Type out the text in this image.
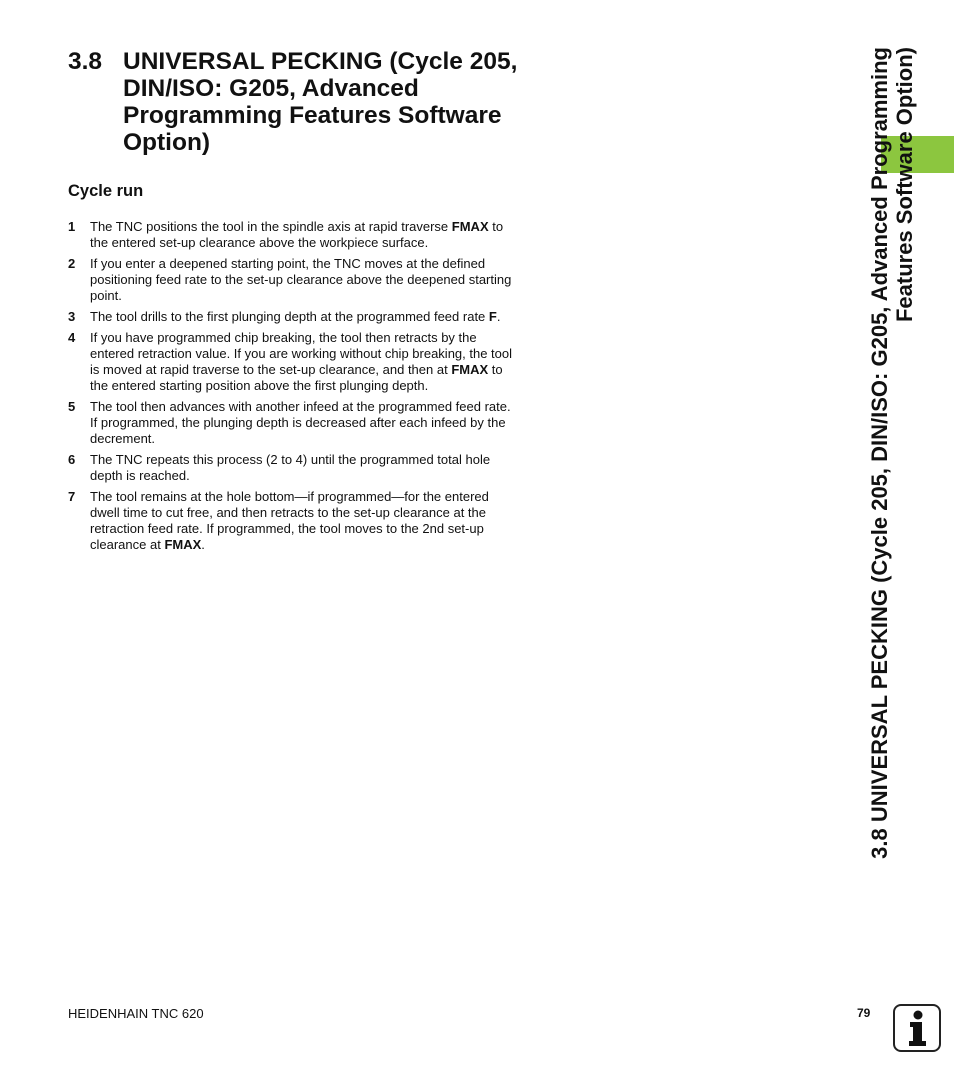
3.8 UNIVERSAL PECKING (Cycle 205, DIN/ISO: G205, Advanced Programming Features Software Option)
Cycle run
1	The TNC positions the tool in the spindle axis at rapid traverse FMAX to the entered set-up clearance above the workpiece surface.
2	If you enter a deepened starting point, the TNC moves at the defined positioning feed rate to the set-up clearance above the deepened starting point.
3	The tool drills to the first plunging depth at the programmed feed rate F.
4	If you have programmed chip breaking, the tool then retracts by the entered retraction value. If you are working without chip breaking, the tool is moved at rapid traverse to the set-up clearance, and then at FMAX to the entered starting position above the first plunging depth.
5	The tool then advances with another infeed at the programmed feed rate. If programmed, the plunging depth is decreased after each infeed by the decrement.
6	The TNC repeats this process (2 to 4) until the programmed total hole depth is reached.
7	The tool remains at the hole bottom—if programmed—for the entered dwell time to cut free, and then retracts to the set-up clearance at the retraction feed rate. If programmed, the tool moves to the 2nd set-up clearance at FMAX.	3.8 UNIVERSAL PECKING (Cycle 205, DIN/ISO: G205, Advanced Programming Features Software Option)
HEIDENHAIN TNC 620	79
